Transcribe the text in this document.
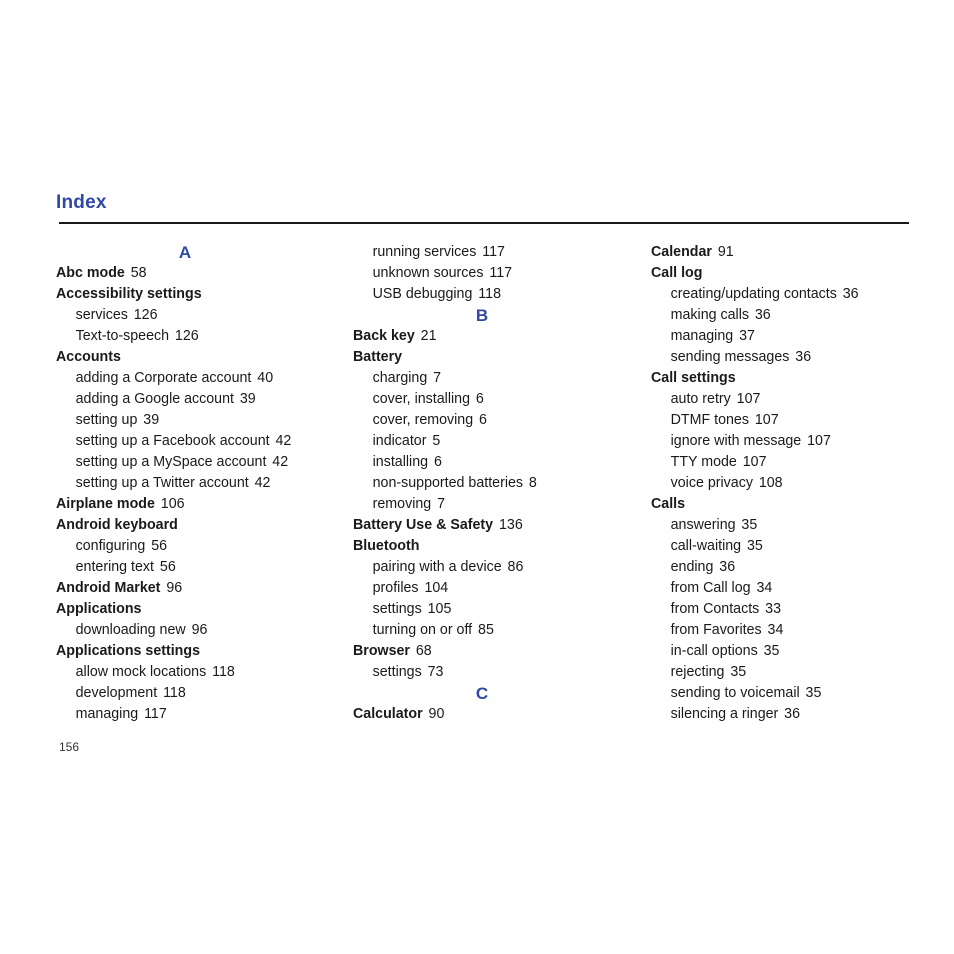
Index
A
Abc mode 58
Accessibility settings
services 126
Text-to-speech 126
Accounts
adding a Corporate account 40
adding a Google account 39
setting up 39
setting up a Facebook account 42
setting up a MySpace account 42
setting up a Twitter account 42
Airplane mode 106
Android keyboard
configuring 56
entering text 56
Android Market 96
Applications
downloading new 96
Applications settings
allow mock locations 118
development 118
managing 117
running services 117
unknown sources 117
USB debugging 118
B
Back key 21
Battery
charging 7
cover, installing 6
cover, removing 6
indicator 5
installing 6
non-supported batteries 8
removing 7
Battery Use & Safety 136
Bluetooth
pairing with a device 86
profiles 104
settings 105
turning on or off 85
Browser 68
settings 73
C
Calculator 90
Calendar 91
Call log
creating/updating contacts 36
making calls 36
managing 37
sending messages 36
Call settings
auto retry 107
DTMF tones 107
ignore with message 107
TTY mode 107
voice privacy 108
Calls
answering 35
call-waiting 35
ending 36
from Call log 34
from Contacts 33
from Favorites 34
in-call options 35
rejecting 35
sending to voicemail 35
silencing a ringer 36
156
